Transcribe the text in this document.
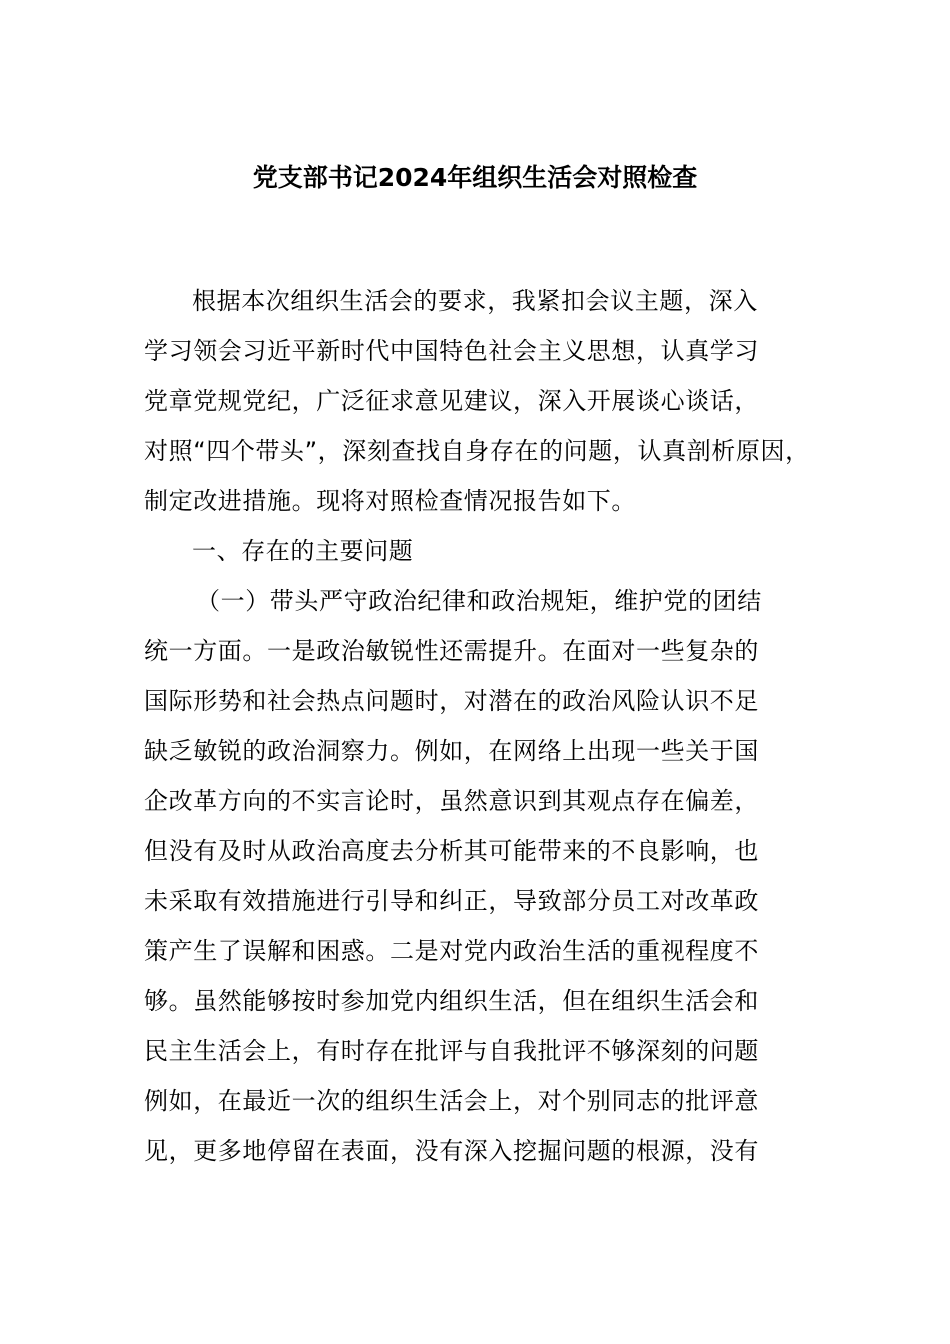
党支部书记2024年组织生活会对照检查
根据本次组织生活会的要求，我紧扣会议主题，深入
学习领会习近平新时代中国特色社会主义思想，认真学习
党章党规党纪，广泛征求意见建议，深入开展谈心谈话，
对照“四个带头”，深刻查找自身存在的问题，认真剖析原因，
制定改进措施。现将对照检查情况报告如下。
一、存在的主要问题
（一）带头严守政治纪律和政治规矩，维护党的团结
统一方面。一是政治敏锐性还需提升。在面对一些复杂的
国际形势和社会热点问题时，对潜在的政治风险认识不足
缺乏敏锐的政治洞察力。例如，在网络上出现一些关于国
企改革方向的不实言论时，虽然意识到其观点存在偏差，
但没有及时从政治高度去分析其可能带来的不良影响，也
未采取有效措施进行引导和纠正，导致部分员工对改革政
策产生了误解和困惑。二是对党内政治生活的重视程度不
够。虽然能够按时参加党内组织生活，但在组织生活会和
民主生活会上，有时存在批评与自我批评不够深刻的问题
例如，在最近一次的组织生活会上，对个别同志的批评意
见，更多地停留在表面，没有深入挖掘问题的根源，没有
